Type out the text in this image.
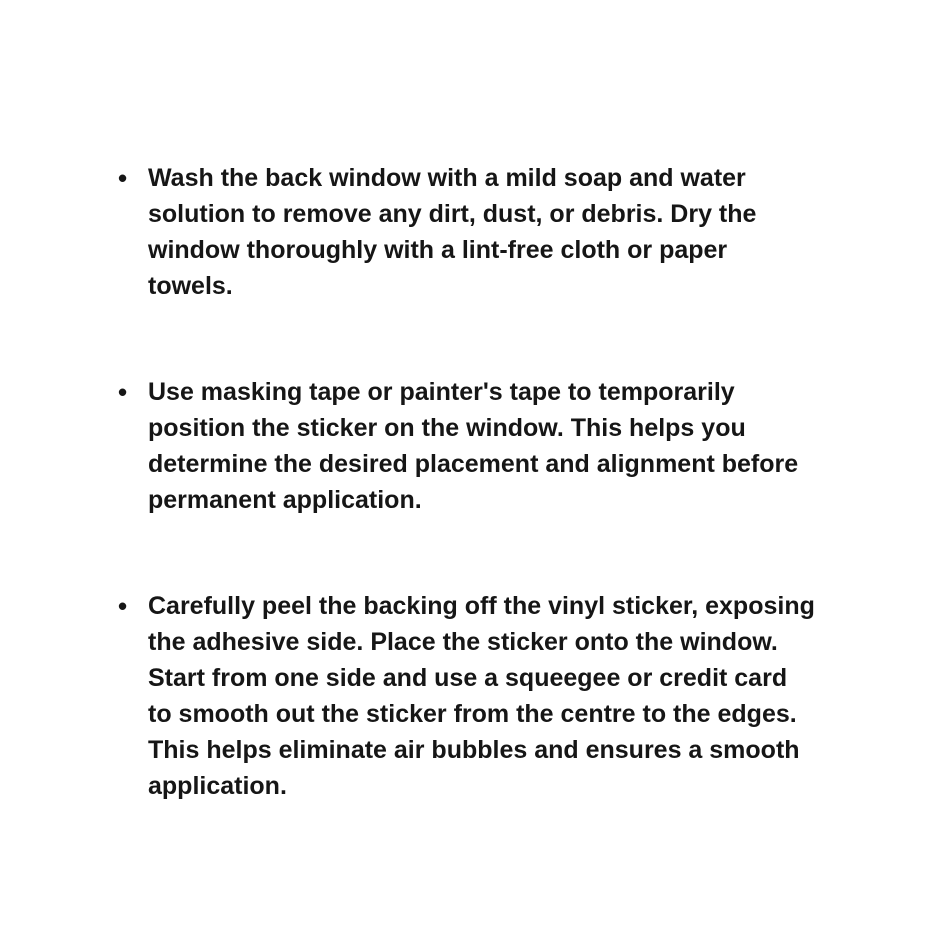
• Wash the back window with a mild soap and water
solution to remove any dirt, dust, or debris. Dry the
window thoroughly with a lint-free cloth or paper
towels.
• Use masking tape or painter's tape to temporarily
position the sticker on the window. This helps you
determine the desired placement and alignment before
permanent application.
• Carefully peel the backing off the vinyl sticker, exposing
the adhesive side. Place the sticker onto the window.
Start from one side and use a squeegee or credit card
to smooth out the sticker from the centre to the edges.
This helps eliminate air bubbles and ensures a smooth
application.
